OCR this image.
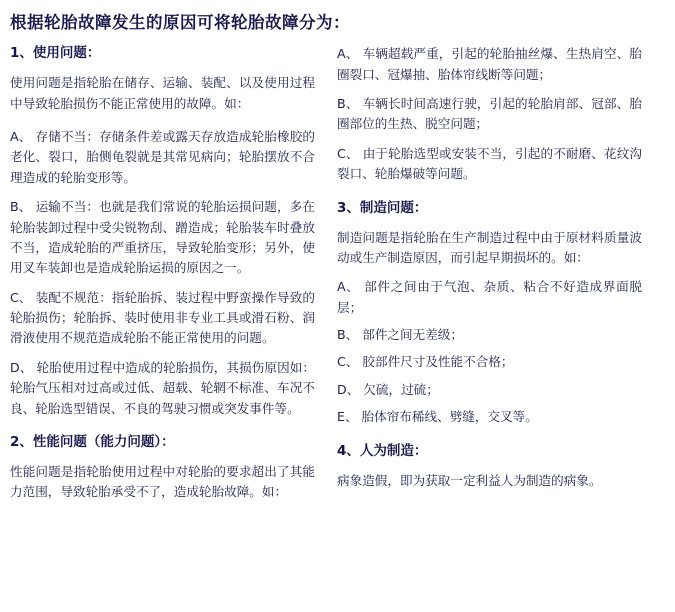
根据轮胎故障发生的原因可将轮胎故障分为：
1、使用问题：

使用问题是指轮胎在储存、运输、装配、以及使用过程中导致轮胎损伤不能正常使用的故障。如：

A、 存储不当：存储条件差或露天存放造成轮胎橡胶的老化、裂口，胎侧龟裂就是其常见病向；轮胎摆放不合理造成的轮胎变形等。

B、 运输不当：也就是我们常说的轮胎运损问题，多在轮胎装卸过程中受尖锐物刮、蹭造成；轮胎装车时叠放不当，造成轮胎的严重挤压，导致轮胎变形；另外，使用叉车装卸也是造成轮胎运损的原因之一。

C、 装配不规范：指轮胎拆、装过程中野蛮操作导致的轮胎损伤；轮胎拆、装时使用非专业工具或滑石粉、润滑液使用不规范造成轮胎不能正常使用的问题。

D、 轮胎使用过程中造成的轮胎损伤，其损伤原因如：轮胎气压相对过高或过低、超载、轮辋不标准、车况不良、轮胎选型错误、不良的驾驶习惯或突发事件等。

2、性能问题（能力问题）：

性能问题是指轮胎使用过程中对轮胎的要求超出了其能力范围，导致轮胎承受不了，造成轮胎故障。如：

A、 车辆超载严重，引起的轮胎抽丝爆、生热肩空、胎圈裂口、冠爆抽、胎体帘线断等问题；

B、 车辆长时间高速行驶，引起的轮胎肩部、冠部、胎圈部位的生热、脱空问题；

C、 由于轮胎选型或安装不当，引起的不耐磨、花纹沟裂口、轮胎爆破等问题。

3、制造问题：

制造问题是指轮胎在生产制造过程中由于原材料质量波动或生产制造原因，而引起早期损坏的。如：

A、 部件之间由于气泡、杂质、粘合不好造成界面脱层；

B、 部件之间无差级；

C、 胶部件尺寸及性能不合格；

D、 欠硫，过硫；

E、 胎体帘布稀线、劈缝，交叉等。

4、人为制造：

病象造假，即为获取一定利益人为制造的病象。
